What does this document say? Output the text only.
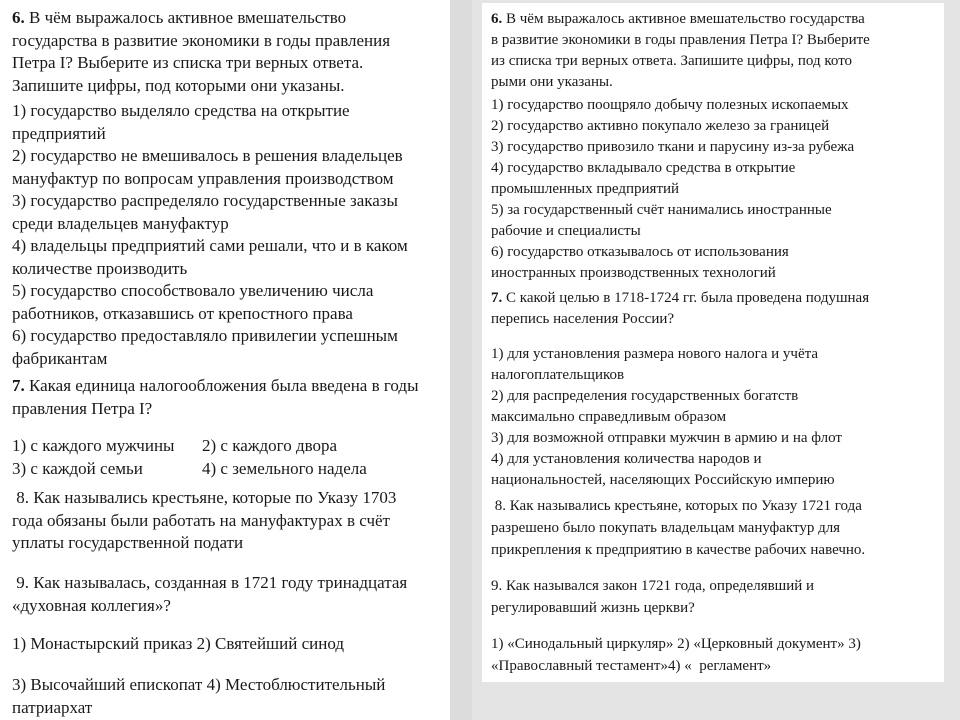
6. В чём выражалось активное вмешательство
государства в развитие экономики в годы правления
Петра I? Выберите из списка три верных ответа.
Запишите цифры, под которыми они указаны.
1) государство выделяло средства на открытие
предприятий
2) государство не вмешивалось в решения владельцев
мануфактур по вопросам управления производством
3) государство распределяло государственные заказы
среди владельцев мануфактур
4) владельцы предприятий сами решали, что и в каком
количестве производить
5) государство способствовало увеличению числа
работников, отказавшись от крепостного права
6) государство предоставляло привилегии успешным
фабрикантам
7. Какая единица налогообложения была введена в годы
правления Петра I?
1) с каждого мужчины 2) с каждого двора
3) с каждой семьи	4) с земельного надела
8. Как назывались крестьяне, которые по Указу 1703
года обязаны были работать на мануфактурах в счёт
уплаты государственной подати
9. Как называлась, созданная в 1721 году тринадцатая
«духовная коллегия»?
1) Монастырский приказ 2) Святейший синод
3) Высочайший епископат 4) Местоблюстительный
патриархат
6. В чём выражалось активное вмешательство государства
в развитие экономики в годы правления Петра I? Выберите
из списка три верных ответа. Запишите цифры, под кото
рыми они указаны.
1) государство поощряло добычу полезных ископаемых
2) государство активно покупало железо за границей
3) государство привозило ткани и парусину из-за рубежа
4) государство вкладывало средства в открытие
промышленных предприятий
5) за государственный счёт нанимались иностранные
рабочие и специалисты
6) государство отказывалось от использования
иностранных производственных технологий
7. С какой целью в 1718-1724 гг. была проведена подушная
перепись населения России?
1) для установления размера нового налога и учёта
налогоплательщиков
2) для распределения государственных богатств
максимально справедливым образом
3) для возможной отправки мужчин в армию и на флот
4) для установления количества народов и
национальностей, населяющих Российскую империю
8. Как назывались крестьяне, которых по Указу 1721 года
разрешено было покупать владельцам мануфактур для
прикрепления к предприятию в качестве рабочих навечно.
9. Как назывался закон 1721 года, определявший и
регулировавший жизнь церкви?
1) «Синодальный циркуляр» 2) «Церковный документ» 3)
«Православный тестамент»4) «  регламент»
